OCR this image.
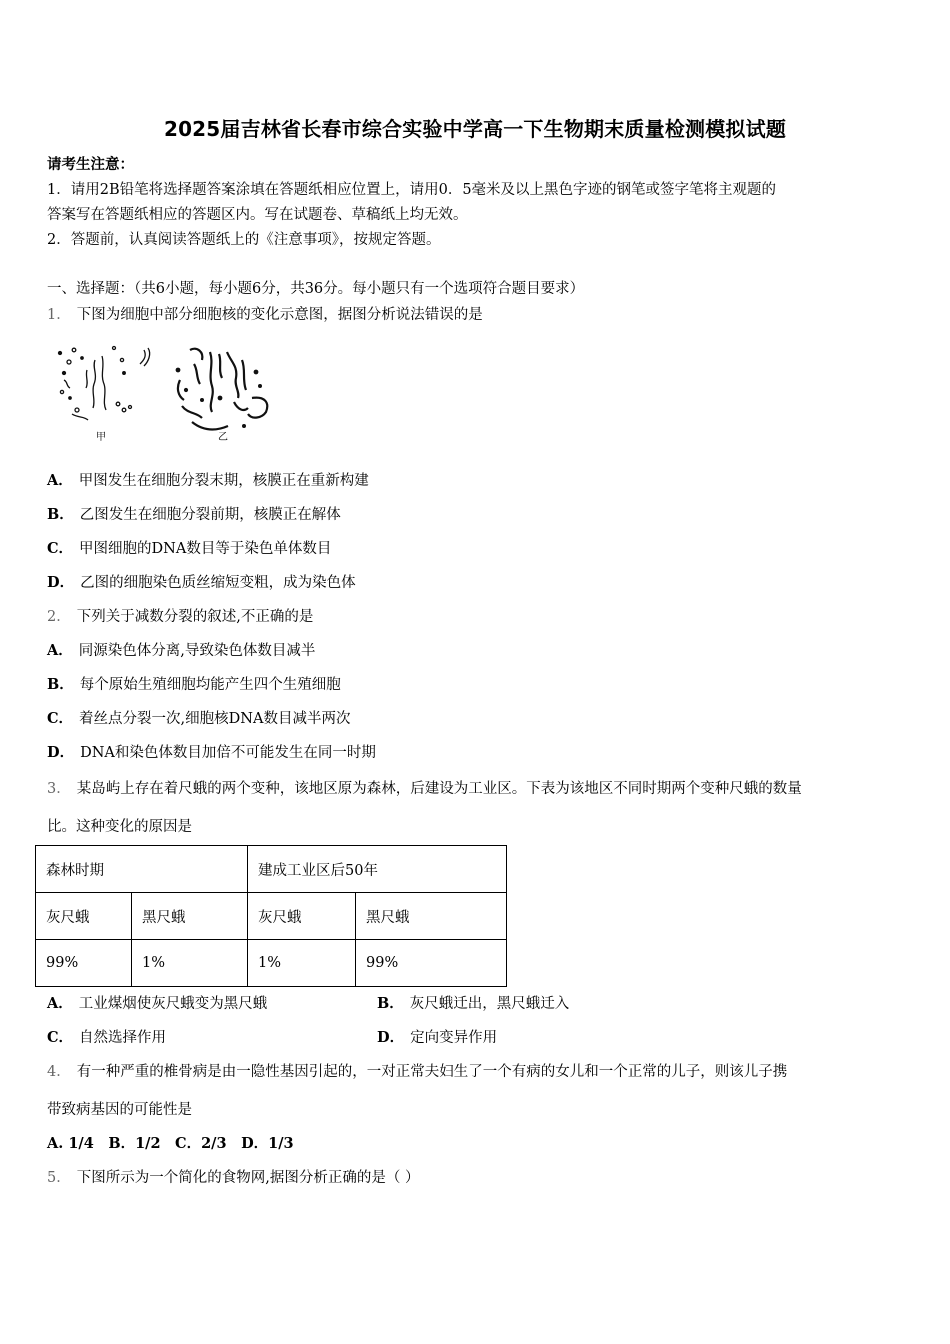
2025届吉林省长春市综合实验中学高一下生物期末质量检测模拟试题
请考生注意：
1．请用2B铅笔将选择题答案涂填在答题纸相应位置上，请用0．5毫米及以上黑色字迹的钢笔或签字笔将主观题的
答案写在答题纸相应的答题区内。写在试题卷、草稿纸上均无效。
2．答题前，认真阅读答题纸上的《注意事项》，按规定答题。
一、选择题：（共6小题，每小题6分，共36分。每小题只有一个选项符合题目要求）
1． 下图为细胞中部分细胞核的变化示意图，据图分析说法错误的是
甲	乙
A． 甲图发生在细胞分裂末期，核膜正在重新构建
B． 乙图发生在细胞分裂前期，核膜正在解体
C． 甲图细胞的DNA数目等于染色单体数目
D． 乙图的细胞染色质丝缩短变粗，成为染色体
2． 下列关于减数分裂的叙述,不正确的是
A． 同源染色体分离,导致染色体数目减半
B． 每个原始生殖细胞均能产生四个生殖细胞
C． 着丝点分裂一次,细胞核DNA数目减半两次
D． DNA和染色体数目加倍不可能发生在同一时期
3． 某岛屿上存在着尺蛾的两个变种，该地区原为森林，后建设为工业区。下表为该地区不同时期两个变种尺蛾的数量
比。这种变化的原因是
森林时期		建成工业区后50年	
灰尺蛾	黑尺蛾	灰尺蛾	黑尺蛾
99%	1%	1%	99%
A． 工业煤烟使灰尺蛾变为黑尺蛾	B． 灰尺蛾迁出，黑尺蛾迁入
C． 自然选择作用	D． 定向变异作用
4． 有一种严重的椎骨病是由一隐性基因引起的，一对正常夫妇生了一个有病的女儿和一个正常的儿子，则该儿子携
带致病基因的可能性是
A. 1/4　B．1/2　C．2/3　D．1/3
5． 下图所示为一个简化的食物网,据图分析正确的是（ ）
